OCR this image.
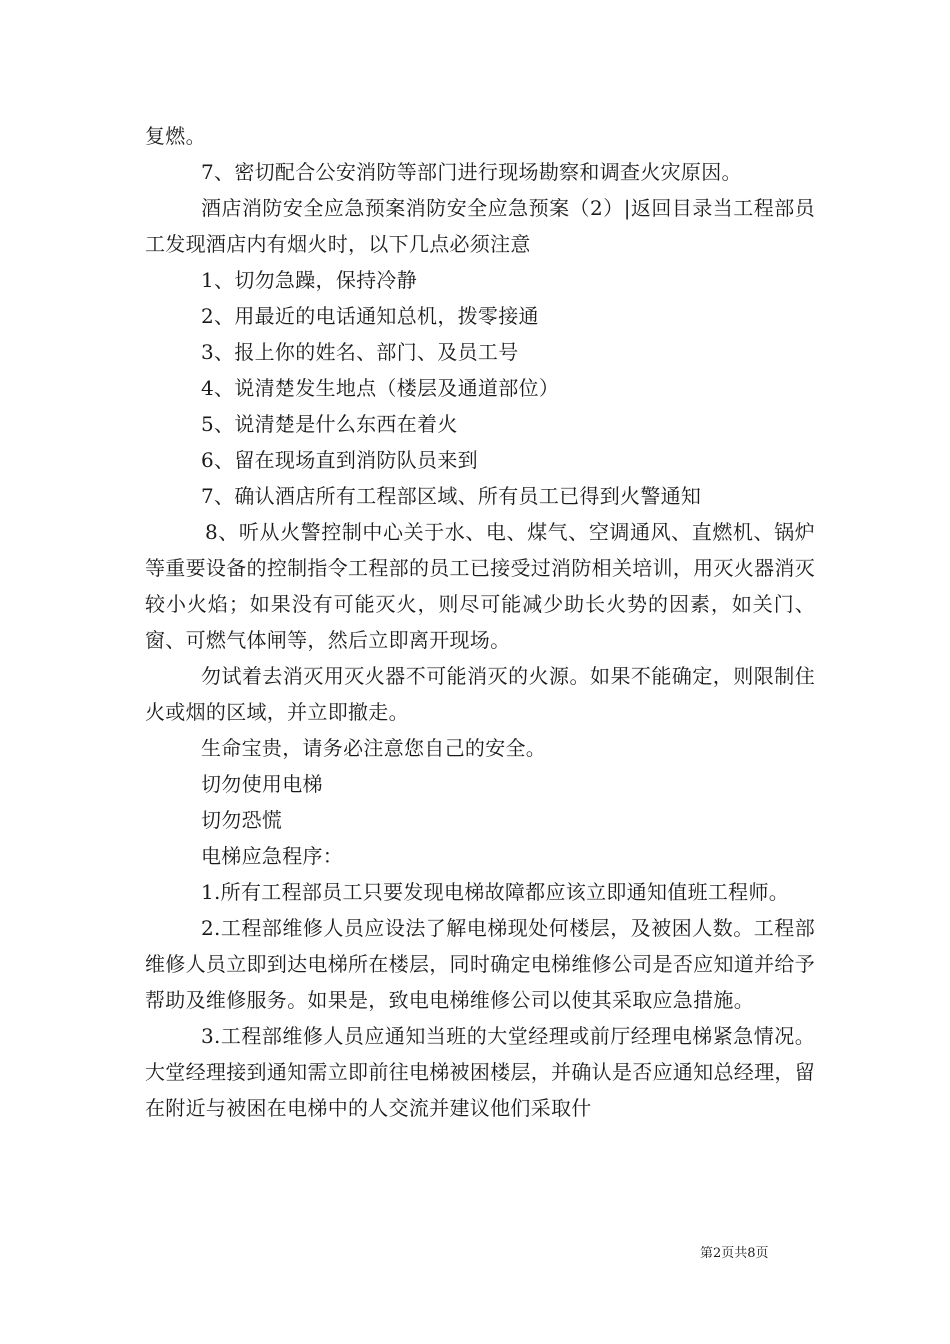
复燃。

7、密切配合公安消防等部门进行现场勘察和调查火灾原因。

酒店消防安全应急预案消防安全应急预案（2）|返回目录当工程部员工发现酒店内有烟火时，以下几点必须注意

1、切勿急躁，保持冷静

2、用最近的电话通知总机，拨零接通

3、报上你的姓名、部门、及员工号

4、说清楚发生地点（楼层及通道部位）

5、说清楚是什么东西在着火

6、留在现场直到消防队员来到

7、确认酒店所有工程部区域、所有员工已得到火警通知

8、听从火警控制中心关于水、电、煤气、空调通风、直燃机、锅炉等重要设备的控制指令工程部的员工已接受过消防相关培训，用灭火器消灭较小火焰；如果没有可能灭火，则尽可能减少助长火势的因素，如关门、窗、可燃气体闸等，然后立即离开现场。

勿试着去消灭用灭火器不可能消灭的火源。如果不能确定，则限制住火或烟的区域，并立即撤走。

生命宝贵，请务必注意您自己的安全。

切勿使用电梯

切勿恐慌

电梯应急程序：

1.所有工程部员工只要发现电梯故障都应该立即通知值班工程师。

2.工程部维修人员应设法了解电梯现处何楼层，及被困人数。工程部维修人员立即到达电梯所在楼层，同时确定电梯维修公司是否应知道并给予帮助及维修服务。如果是，致电电梯维修公司以使其采取应急措施。

3.工程部维修人员应通知当班的大堂经理或前厅经理电梯紧急情况。大堂经理接到通知需立即前往电梯被困楼层，并确认是否应通知总经理，留在附近与被困在电梯中的人交流并建议他们采取什

第2页共8页
